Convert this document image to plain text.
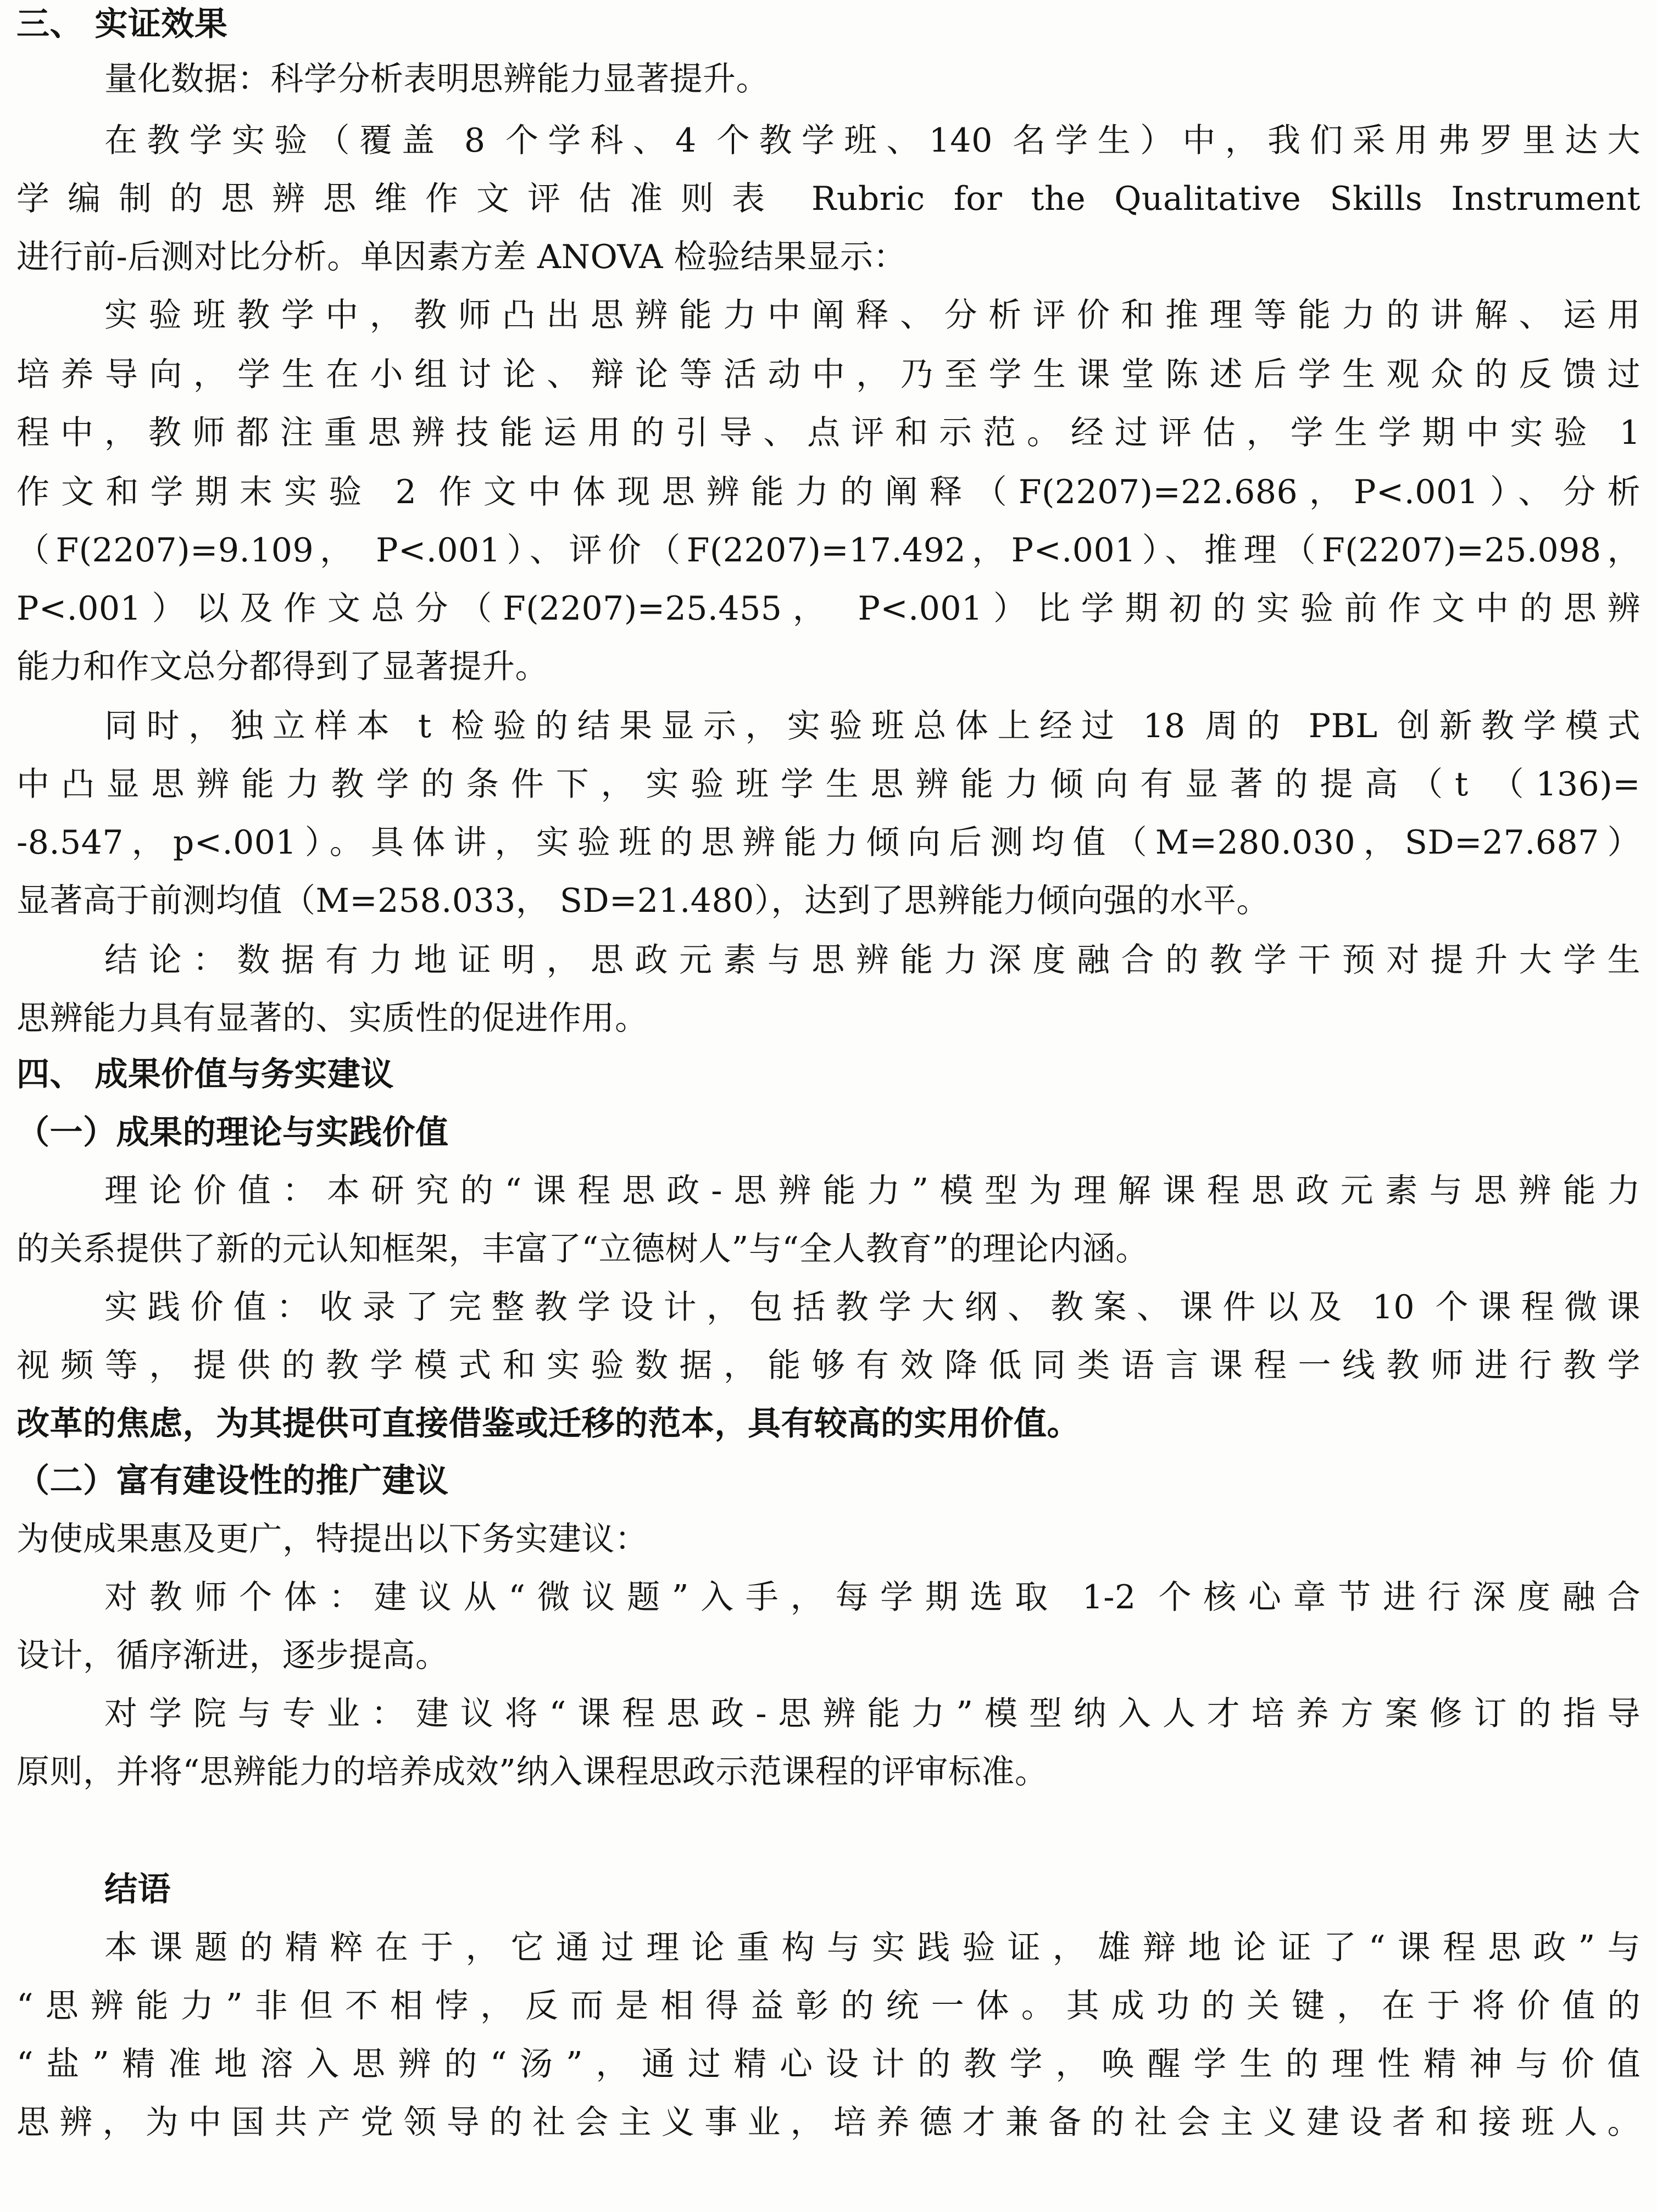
三、 实证效果
量化数据：科学分析表明思辨能力显著提升。
在教学实验（覆盖 8 个学科、4 个教学班、140 名学生）中，我们采用弗罗里达大
学编制的思辨思维作文评估准则表 Rubric for the Qualitative Skills Instrument
进行前-后测对比分析。单因素方差 ANOVA 检验结果显示：
实验班教学中，教师凸出思辨能力中阐释、分析评价和推理等能力的讲解、运用
培养导向，学生在小组讨论、辩论等活动中，乃至学生课堂陈述后学生观众的反馈过
程中，教师都注重思辨技能运用的引导、点评和示范。经过评估，学生学期中实验 1
作文和学期末实验 2 作文中体现思辨能力的阐释（F(2207)=22.686，P<.001）、分析
（F(2207)=9.109， P<.001）、评价（F(2207)=17.492，P<.001）、推理（F(2207)=25.098，
P<.001）以及作文总分（F(2207)=25.455， P<.001）比学期初的实验前作文中的思辨
能力和作文总分都得到了显著提升。
同时，独立样本 t 检验的结果显示，实验班总体上经过 18 周的 PBL 创新教学模式
中凸显思辨能力教学的条件下，实验班学生思辨能力倾向有显著的提高（t （136)=
-8.547，p<.001）。具体讲，实验班的思辨能力倾向后测均值（M=280.030，SD=27.687）
显著高于前测均值（M=258.033， SD=21.480），达到了思辨能力倾向强的水平。
结论：数据有力地证明，思政元素与思辨能力深度融合的教学干预对提升大学生
思辨能力具有显著的、实质性的促进作用。
四、 成果价值与务实建议
（一）成果的理论与实践价值
理论价值：本研究的“课程思政-思辨能力”模型为理解课程思政元素与思辨能力
的关系提供了新的元认知框架，丰富了“立德树人”与“全人教育”的理论内涵。
实践价值：收录了完整教学设计，包括教学大纲、教案、课件以及 10 个课程微课
视频等，提供的教学模式和实验数据，能够有效降低同类语言课程一线教师进行教学
改革的焦虑，为其提供可直接借鉴或迁移的范本，具有较高的实用价值。
（二）富有建设性的推广建议
为使成果惠及更广，特提出以下务实建议：
对教师个体：建议从“微议题”入手，每学期选取 1-2 个核心章节进行深度融合
设计，循序渐进，逐步提高。
对学院与专业：建议将“课程思政-思辨能力”模型纳入人才培养方案修订的指导
原则，并将“思辨能力的培养成效”纳入课程思政示范课程的评审标准。
结语
本课题的精粹在于，它通过理论重构与实践验证，雄辩地论证了“课程思政”与
“思辨能力”非但不相悖，反而是相得益彰的统一体。其成功的关键，在于将价值的
“盐”精准地溶入思辨的“汤”，通过精心设计的教学，唤醒学生的理性精神与价值
思辨，为中国共产党领导的社会主义事业，培养德才兼备的社会主义建设者和接班人。
